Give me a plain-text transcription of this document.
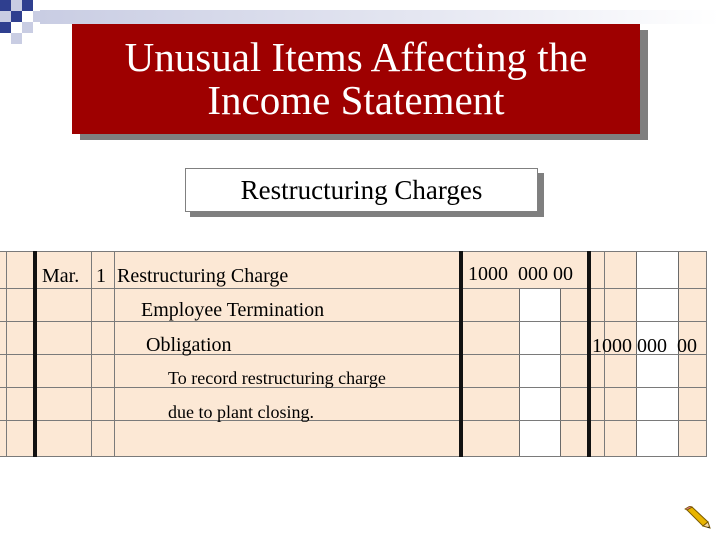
Unusual Items Affecting the
Income Statement
Restructuring Charges
Mar. 1 Restructuring Charge	1000  000 00
Employee Termination
Obligation	1000 000  00
To record restructuring charge
due to plant closing.
